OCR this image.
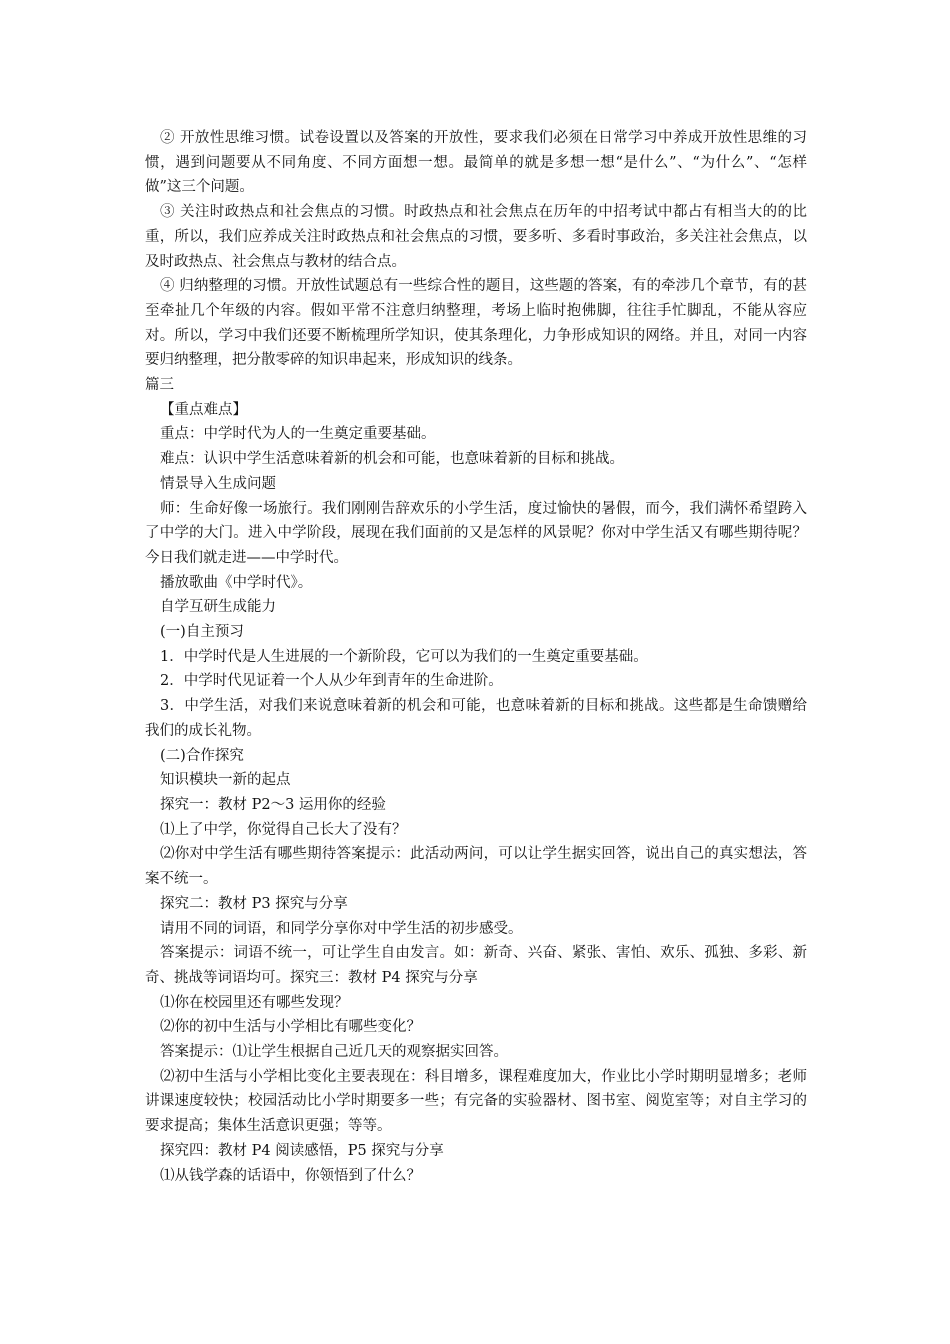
② 开放性思维习惯。试卷设置以及答案的开放性，要求我们必须在日常学习中养成开放性思维的习惯，遇到问题要从不同角度、不同方面想一想。最简单的就是多想一想“是什么”、“为什么”、“怎样做”这三个问题。

③ 关注时政热点和社会焦点的习惯。时政热点和社会焦点在历年的中招考试中都占有相当大的的比重，所以，我们应养成关注时政热点和社会焦点的习惯，要多听、多看时事政治，多关注社会焦点，以及时政热点、社会焦点与教材的结合点。

④ 归纳整理的习惯。开放性试题总有一些综合性的题目，这些题的答案，有的牵涉几个章节，有的甚至牵扯几个年级的内容。假如平常不注意归纳整理，考场上临时抱佛脚，往往手忙脚乱，不能从容应对。所以，学习中我们还要不断梳理所学知识，使其条理化，力争形成知识的网络。并且，对同一内容要归纳整理，把分散零碎的知识串起来，形成知识的线条。

篇三

【重点难点】

重点：中学时代为人的一生奠定重要基础。

难点：认识中学生活意味着新的机会和可能，也意味着新的目标和挑战。

情景导入生成问题

师：生命好像一场旅行。我们刚刚告辞欢乐的小学生活，度过愉快的暑假，而今，我们满怀希望跨入了中学的大门。进入中学阶段，展现在我们面前的又是怎样的风景呢？你对中学生活又有哪些期待呢？今日我们就走进——中学时代。

播放歌曲《中学时代》。

自学互研生成能力

(一)自主预习

1．中学时代是人生进展的一个新阶段，它可以为我们的一生奠定重要基础。

2．中学时代见证着一个人从少年到青年的生命进阶。

3．中学生活，对我们来说意味着新的机会和可能，也意味着新的目标和挑战。这些都是生命馈赠给我们的成长礼物。

(二)合作探究

知识模块一新的起点

探究一：教材 P2～3 运用你的经验

⑴上了中学，你觉得自己长大了没有？

⑵你对中学生活有哪些期待答案提示：此活动两问，可以让学生据实回答，说出自己的真实想法，答案不统一。

探究二：教材 P3 探究与分享

请用不同的词语，和同学分享你对中学生活的初步感受。

答案提示：词语不统一，可让学生自由发言。如：新奇、兴奋、紧张、害怕、欢乐、孤独、多彩、新奇、挑战等词语均可。探究三：教材 P4 探究与分享

⑴你在校园里还有哪些发现？

⑵你的初中生活与小学相比有哪些变化？

答案提示：⑴让学生根据自己近几天的观察据实回答。

⑵初中生活与小学相比变化主要表现在：科目增多，课程难度加大，作业比小学时期明显增多；老师讲课速度较快；校园活动比小学时期要多一些；有完备的实验器材、图书室、阅览室等；对自主学习的要求提高；集体生活意识更强；等等。

探究四：教材 P4 阅读感悟，P5 探究与分享

⑴从钱学森的话语中，你领悟到了什么？
